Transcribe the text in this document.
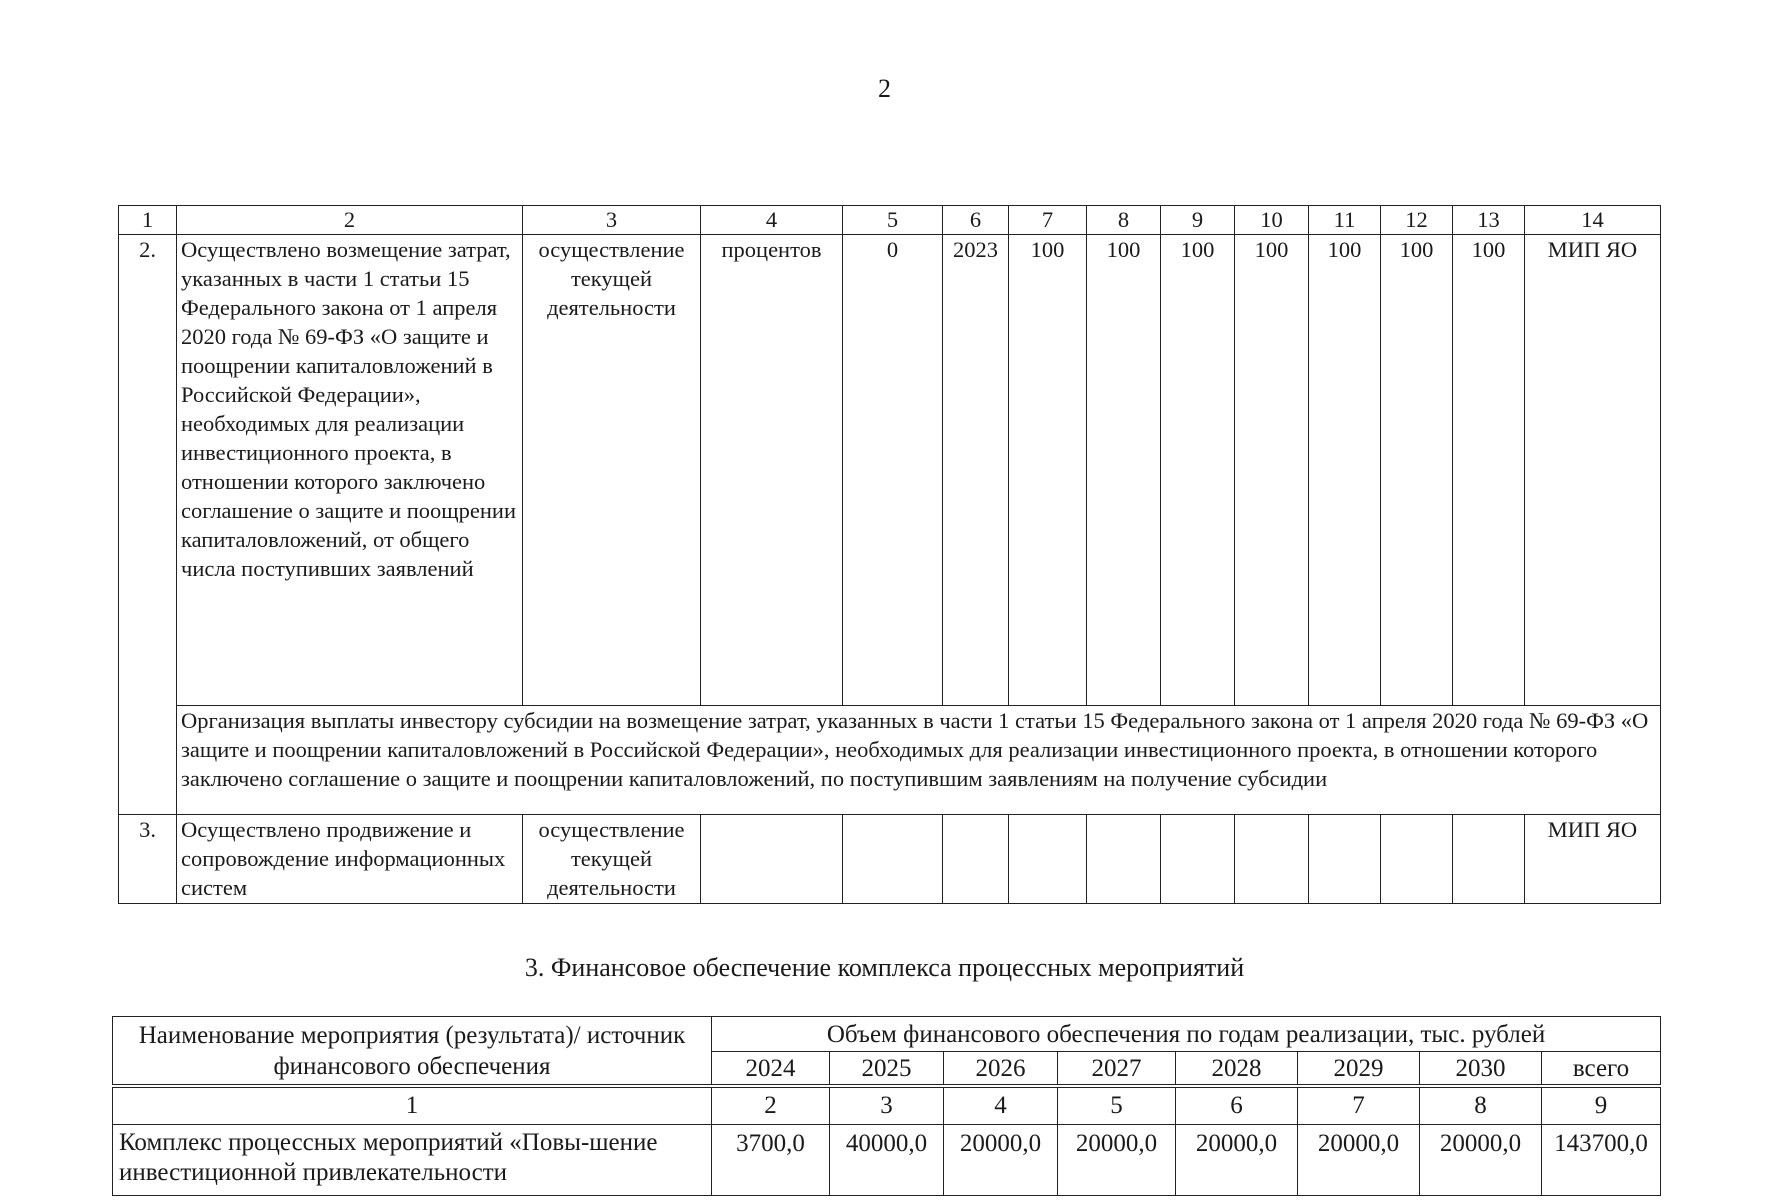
2
1	2	3	4	5	6	7	8	9	10	11	12	13	14
2.	Осуществлено возмещение затрат, указанных в части 1 статьи 15 Федерального закона от 1 апреля 2020 года № 69-ФЗ «О защите и поощрении капиталовложений в Российской Федерации», необходимых для реализации инвестиционного проекта, в отношении которого заключено соглашение о защите и поощрении капиталовложений, от общего числа поступивших заявлений	осуществление текущей деятельности	процентов	0	2023	100	100	100	100	100	100	100	МИП ЯО
	Организация выплаты инвестору субсидии на возмещение затрат, указанных в части 1 статьи 15 Федерального закона от 1 апреля 2020 года № 69-ФЗ «О защите и поощрении капиталовложений в Российской Федерации», необходимых для реализации инвестиционного проекта, в отношении которого заключено соглашение о защите и поощрении капиталовложений, по поступившим заявлениям на получение субсидии												
3.	Осуществлено продвижение и сопровождение информационных систем	осуществление текущей деятельности											МИП ЯО
3. Финансовое обеспечение комплекса процессных мероприятий
Наименование мероприятия (результата)/ источник финансового обеспечения	Объем финансового обеспечения по годам реализации, тыс. рублей							
	2024	2025	2026	2027	2028	2029	2030	всего
1	2	3	4	5	6	7	8	9
Комплекс процессных мероприятий «Повы-шение инвестиционной привлекательности	3700,0	40000,0	20000,0	20000,0	20000,0	20000,0	20000,0	143700,0
